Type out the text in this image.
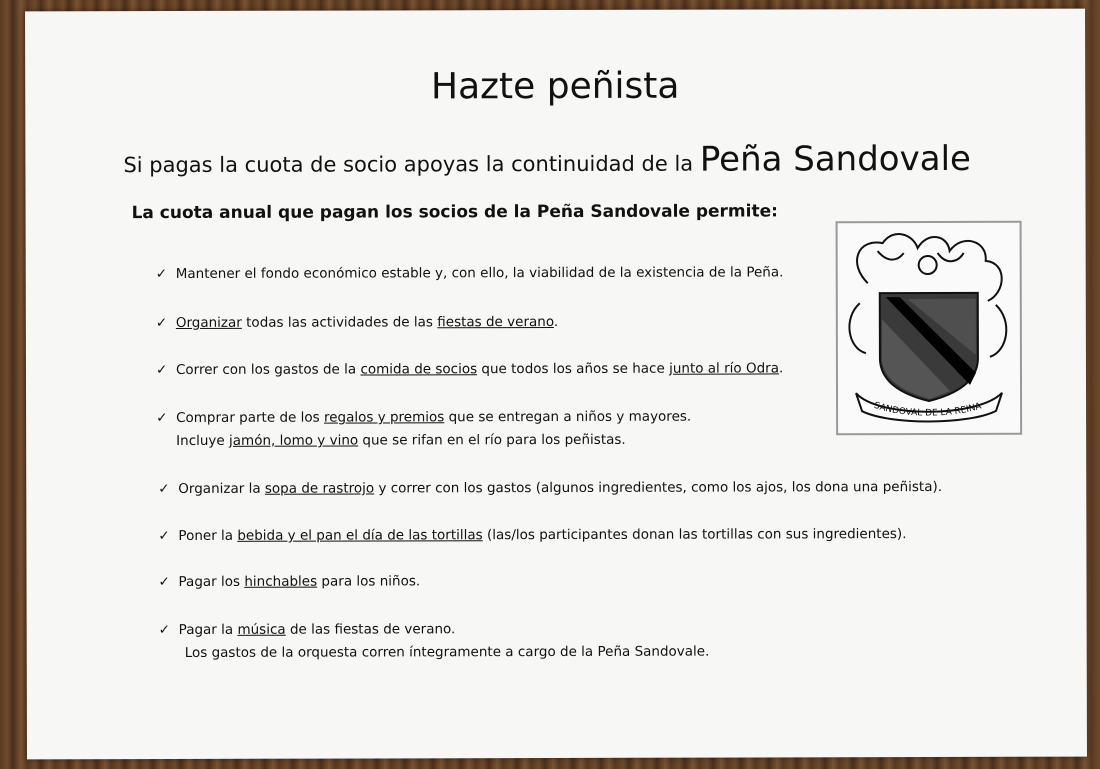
Hazte peñista
Si pagas la cuota de socio apoyas la continuidad de la Peña Sandovale
La cuota anual que pagan los socios de la Peña Sandovale permite:
✓ Mantener el fondo económico estable y, con ello, la viabilidad de la existencia de la Peña.
✓ Organizar todas las actividades de las fiestas de verano.
✓ Correr con los gastos de la comida de socios que todos los años se hace junto al río Odra.
✓ Comprar parte de los regalos y premios que se entregan a niños y mayores.
Incluye jamón, lomo y vino que se rifan en el río para los peñistas.
✓ Organizar la sopa de rastrojo y correr con los gastos (algunos ingredientes, como los ajos, los dona una peñista).
✓ Poner la bebida y el pan el día de las tortillas (las/los participantes donan las tortillas con sus ingredientes).
✓ Pagar los hinchables para los niños.
✓ Pagar la música de las fiestas de verano.
Los gastos de la orquesta corren íntegramente a cargo de la Peña Sandovale.
SANDOVAL DE LA REINA
